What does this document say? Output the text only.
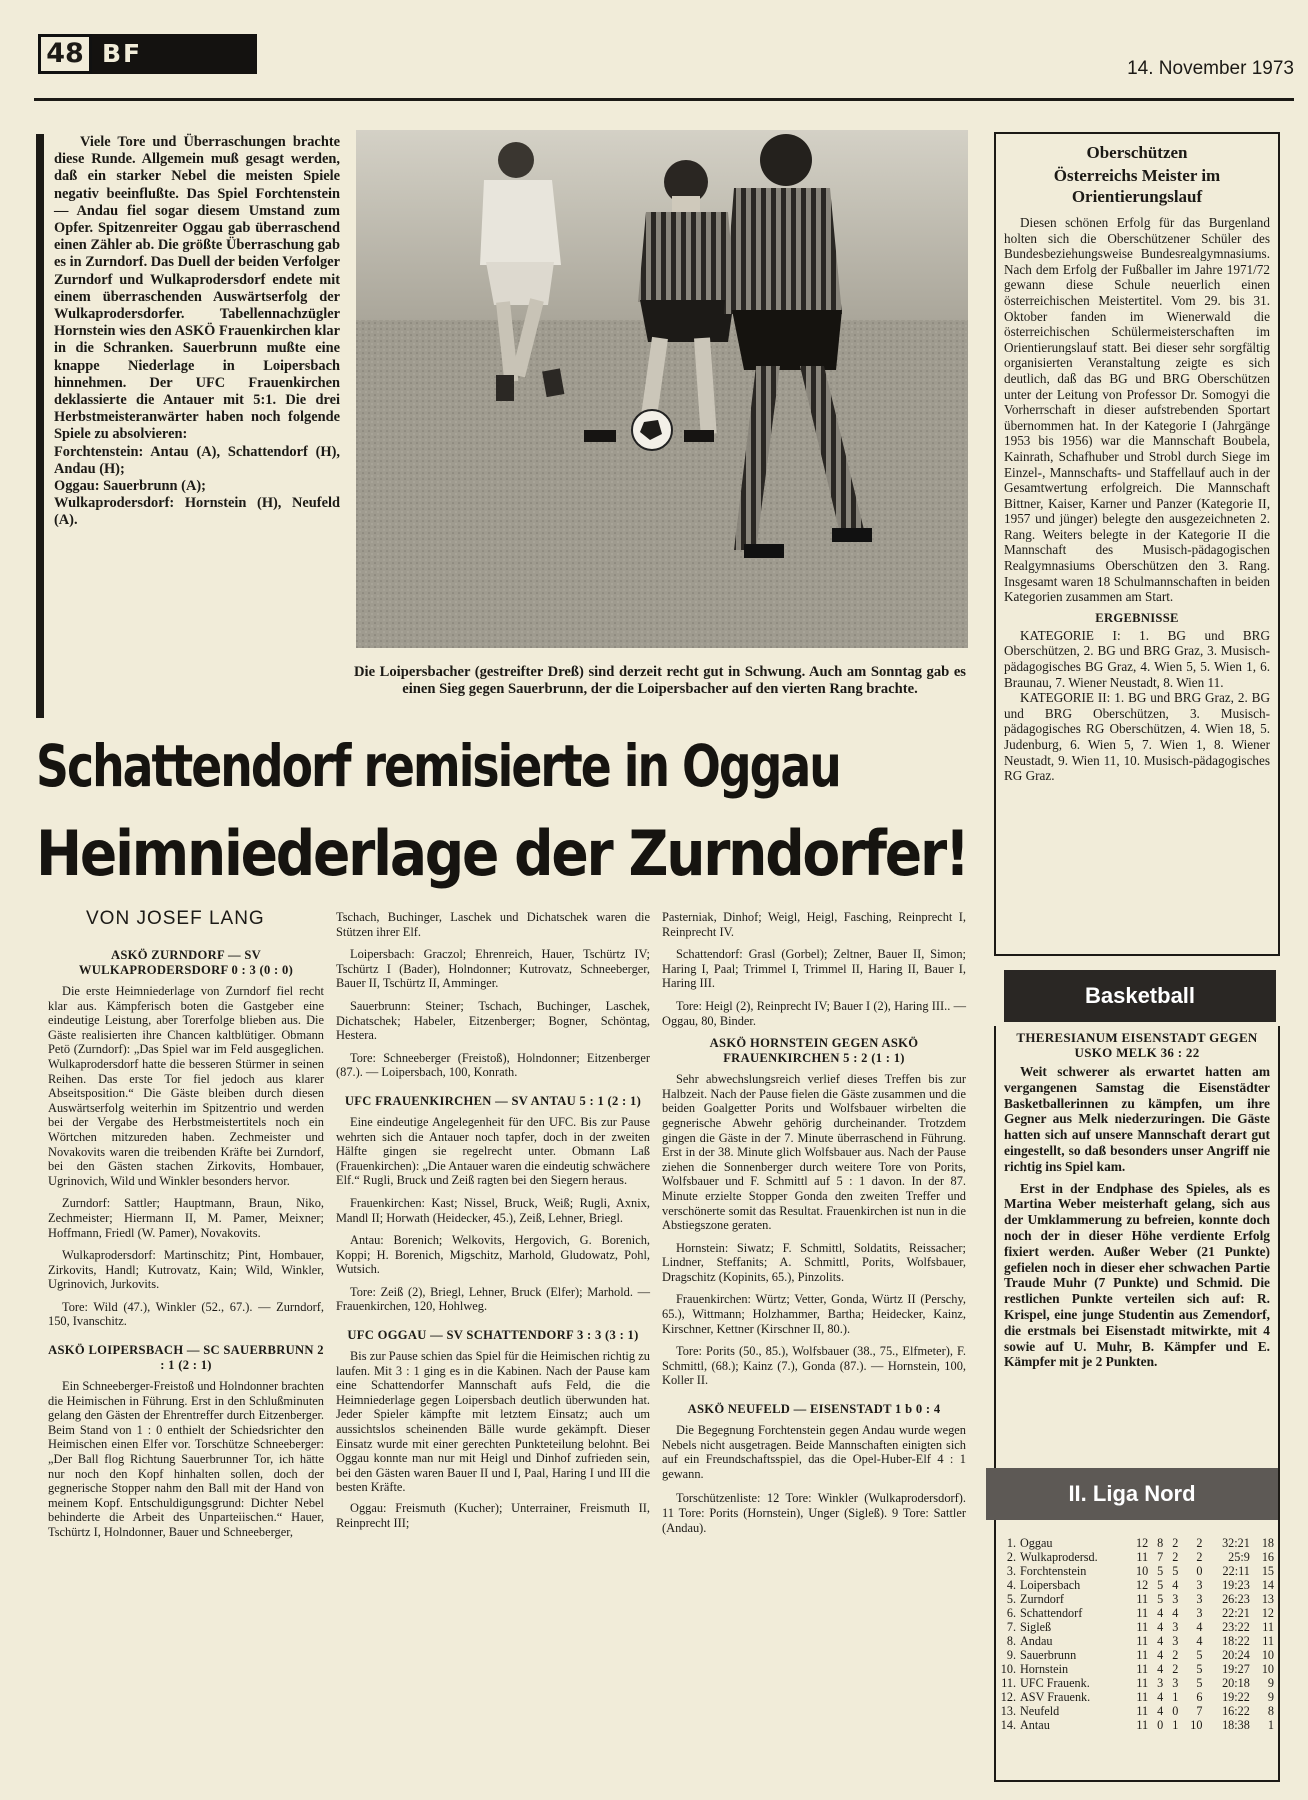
48 BF
14. November 1973

Viele Tore und Überraschungen brachte diese Runde. Allgemein muß gesagt werden, daß ein starker Nebel die meisten Spiele negativ beeinflußte. Das Spiel Forchtenstein — Andau fiel sogar diesem Umstand zum Opfer. Spitzenreiter Oggau gab überraschend einen Zähler ab. Die größte Überraschung gab es in Zurndorf. Das Duell der beiden Verfolger Zurndorf und Wulkaprodersdorf endete mit einem überraschenden Auswärtserfolg der Wulkaprodersdorfer. Tabellennachzügler Hornstein wies den ASKÖ Frauenkirchen klar in die Schranken. Sauerbrunn mußte eine knappe Niederlage in Loipersbach hinnehmen. Der UFC Frauenkirchen deklassierte die Antauer mit 5:1. Die drei Herbstmeisteranwärter haben noch folgende Spiele zu absolvieren:

Forchtenstein: Antau (A), Schattendorf (H), Andau (H);

Oggau: Sauerbrunn (A);

Wulkaprodersdorf: Hornstein (H), Neufeld (A).

Die Loipersbacher (gestreifter Dreß) sind derzeit recht gut in Schwung. Auch am Sonntag gab es einen Sieg gegen Sauerbrunn, der die Loipersbacher auf den vierten Rang brachte.

Schattendorf remisierte in Oggau
Heimniederlage der Zurndorfer!
VON JOSEF LANG
ASKÖ ZURNDORF — SV WULKAPRODERSDORF 0 : 3 (0 : 0)

Die erste Heimniederlage von Zurndorf fiel recht klar aus. Kämpferisch boten die Gastgeber eine eindeutige Leistung, aber Torerfolge blieben aus. Die Gäste realisierten ihre Chancen kaltblütiger. Obmann Petö (Zurndorf): „Das Spiel war im Feld ausgeglichen. Wulkaprodersdorf hatte die besseren Stürmer in seinen Reihen. Das erste Tor fiel jedoch aus klarer Abseitsposition.“ Die Gäste bleiben durch diesen Auswärtserfolg weiterhin im Spitzentrio und werden bei der Vergabe des Herbstmeistertitels noch ein Wörtchen mitzureden haben. Zechmeister und Novakovits waren die treibenden Kräfte bei Zurndorf, bei den Gästen stachen Zirkovits, Hombauer, Ugrinovich, Wild und Winkler besonders hervor.

Zurndorf: Sattler; Hauptmann, Braun, Niko, Zechmeister; Hiermann II, M. Pamer, Meixner; Hoffmann, Friedl (W. Pamer), Novakovits.

Wulkaprodersdorf: Martinschitz; Pint, Hombauer, Zirkovits, Handl; Kutrovatz, Kain; Wild, Winkler, Ugrinovich, Jurkovits.

Tore: Wild (47.), Winkler (52., 67.). — Zurndorf, 150, Ivanschitz.

ASKÖ LOIPERSBACH — SC SAUERBRUNN 2 : 1 (2 : 1)

Ein Schneeberger-Freistoß und Holndonner brachten die Heimischen in Führung. Erst in den Schlußminuten gelang den Gästen der Ehrentreffer durch Eitzenberger. Beim Stand von 1 : 0 enthielt der Schiedsrichter den Heimischen einen Elfer vor. Torschütze Schneeberger: „Der Ball flog Richtung Sauerbrunner Tor, ich hätte nur noch den Kopf hinhalten sollen, doch der gegnerische Stopper nahm den Ball mit der Hand von meinem Kopf. Entschuldigungsgrund: Dichter Nebel behinderte die Arbeit des Unparteiischen.“ Hauer, Tschürtz I, Holndonner, Bauer und Schneeberger,

Tschach, Buchinger, Laschek und Dichatschek waren die Stützen ihrer Elf.

Loipersbach: Graczol; Ehrenreich, Hauer, Tschürtz IV; Tschürtz I (Bader), Holndonner; Kutrovatz, Schneeberger, Bauer II, Tschürtz II, Amminger.

Sauerbrunn: Steiner; Tschach, Buchinger, Laschek, Dichatschek; Habeler, Eitzenberger; Bogner, Schöntag, Hestera.

Tore: Schneeberger (Freistoß), Holndonner; Eitzenberger (87.). — Loipersbach, 100, Konrath.

UFC FRAUENKIRCHEN — SV ANTAU 5 : 1 (2 : 1)

Eine eindeutige Angelegenheit für den UFC. Bis zur Pause wehrten sich die Antauer noch tapfer, doch in der zweiten Hälfte gingen sie regelrecht unter. Obmann Laß (Frauenkirchen): „Die Antauer waren die eindeutig schwächere Elf.“ Rugli, Bruck und Zeiß ragten bei den Siegern heraus.

Frauenkirchen: Kast; Nissel, Bruck, Weiß; Rugli, Axnix, Mandl II; Horwath (Heidecker, 45.), Zeiß, Lehner, Briegl.

Antau: Borenich; Welkovits, Hergovich, G. Borenich, Koppi; H. Borenich, Migschitz, Marhold, Gludowatz, Pohl, Wutsich.

Tore: Zeiß (2), Briegl, Lehner, Bruck (Elfer); Marhold. — Frauenkirchen, 120, Hohlweg.

UFC OGGAU — SV SCHATTENDORF 3 : 3 (3 : 1)

Bis zur Pause schien das Spiel für die Heimischen richtig zu laufen. Mit 3 : 1 ging es in die Kabinen. Nach der Pause kam eine Schattendorfer Mannschaft aufs Feld, die die Heimniederlage gegen Loipersbach deutlich überwunden hat. Jeder Spieler kämpfte mit letztem Einsatz; auch um aussichtslos scheinenden Bälle wurde gekämpft. Dieser Einsatz wurde mit einer gerechten Punkteteilung belohnt. Bei Oggau konnte man nur mit Heigl und Dinhof zufrieden sein, bei den Gästen waren Bauer II und I, Paal, Haring I und III die besten Kräfte.

Oggau: Freismuth (Kucher); Unterrainer, Freismuth II, Reinprecht III;

Pasterniak, Dinhof; Weigl, Heigl, Fasching, Reinprecht I, Reinprecht IV.

Schattendorf: Grasl (Gorbel); Zeltner, Bauer II, Simon; Haring I, Paal; Trimmel I, Trimmel II, Haring II, Bauer I, Haring III.

Tore: Heigl (2), Reinprecht IV; Bauer I (2), Haring III.. — Oggau, 80, Binder.

ASKÖ HORNSTEIN GEGEN ASKÖ FRAUENKIRCHEN 5 : 2 (1 : 1)

Sehr abwechslungsreich verlief dieses Treffen bis zur Halbzeit. Nach der Pause fielen die Gäste zusammen und die beiden Goalgetter Porits und Wolfsbauer wirbelten die gegnerische Abwehr gehörig durcheinander. Trotzdem gingen die Gäste in der 7. Minute überraschend in Führung. Erst in der 38. Minute glich Wolfsbauer aus. Nach der Pause ziehen die Sonnenberger durch weitere Tore von Porits, Wolfsbauer und F. Schmittl auf 5 : 1 davon. In der 87. Minute erzielte Stopper Gonda den zweiten Treffer und verschönerte somit das Resultat. Frauenkirchen ist nun in die Abstiegszone geraten.

Hornstein: Siwatz; F. Schmittl, Soldatits, Reissacher; Lindner, Steffanits; A. Schmittl, Porits, Wolfsbauer, Dragschitz (Kopinits, 65.), Pinzolits.

Frauenkirchen: Würtz; Vetter, Gonda, Würtz II (Perschy, 65.), Wittmann; Holzhammer, Bartha; Heidecker, Kainz, Kirschner, Kettner (Kirschner II, 80.).

Tore: Porits (50., 85.), Wolfsbauer (38., 75., Elfmeter), F. Schmittl, (68.); Kainz (7.), Gonda (87.). — Hornstein, 100, Koller II.

ASKÖ NEUFELD — EISENSTADT 1 b 0 : 4

Die Begegnung Forchtenstein gegen Andau wurde wegen Nebels nicht ausgetragen. Beide Mannschaften einigten sich auf ein Freundschaftsspiel, das die Opel-Huber-Elf 4 : 1 gewann.

Torschützenliste: 12 Tore: Winkler (Wulkaprodersdorf). 11 Tore: Porits (Hornstein), Unger (Sigleß). 9 Tore: Sattler (Andau).

Oberschützen
Österreichs Meister im Orientierungslauf

Diesen schönen Erfolg für das Burgenland holten sich die Oberschützener Schüler des Bundesbeziehungsweise Bundesrealgymnasiums. Nach dem Erfolg der Fußballer im Jahre 1971/72 gewann diese Schule neuerlich einen österreichischen Meistertitel. Vom 29. bis 31. Oktober fanden im Wienerwald die österreichischen Schülermeisterschaften im Orientierungslauf statt. Bei dieser sehr sorgfältig organisierten Veranstaltung zeigte es sich deutlich, daß das BG und BRG Oberschützen unter der Leitung von Professor Dr. Somogyi die Vorherrschaft in dieser aufstrebenden Sportart übernommen hat. In der Kategorie I (Jahrgänge 1953 bis 1956) war die Mannschaft Boubela, Kainrath, Schafhuber und Strobl durch Siege im Einzel-, Mannschafts- und Staffellauf auch in der Gesamtwertung erfolgreich. Die Mannschaft Bittner, Kaiser, Karner und Panzer (Kategorie II, 1957 und jünger) belegte den ausgezeichneten 2. Rang. Weiters belegte in der Kategorie II die Mannschaft des Musisch-pädagogischen Realgymnasiums Oberschützen den 3. Rang. Insgesamt waren 18 Schulmannschaften in beiden Kategorien zusammen am Start.

ERGEBNISSE

KATEGORIE I: 1. BG und BRG Oberschützen, 2. BG und BRG Graz, 3. Musisch-pädagogisches BG Graz, 4. Wien 5, 5. Wien 1, 6. Braunau, 7. Wiener Neustadt, 8. Wien 11.

KATEGORIE II: 1. BG und BRG Graz, 2. BG und BRG Oberschützen, 3. Musisch-pädagogisches RG Oberschützen, 4. Wien 18, 5. Judenburg, 6. Wien 5, 7. Wien 1, 8. Wiener Neustadt, 9. Wien 11, 10. Musisch-pädagogisches RG Graz.

Basketball
THERESIANUM EISENSTADT GEGEN USKO MELK 36 : 22

Weit schwerer als erwartet hatten am vergangenen Samstag die Eisenstädter Basketballerinnen zu kämpfen, um ihre Gegner aus Melk niederzuringen. Die Gäste hatten sich auf unsere Mannschaft derart gut eingestellt, so daß besonders unser Angriff nie richtig ins Spiel kam.

Erst in der Endphase des Spieles, als es Martina Weber meisterhaft gelang, sich aus der Umklammerung zu befreien, konnte doch noch der in dieser Höhe verdiente Erfolg fixiert werden. Außer Weber (21 Punkte) gefielen noch in dieser eher schwachen Partie Traude Muhr (7 Punkte) und Schmid. Die restlichen Punkte verteilen sich auf: R. Krispel, eine junge Studentin aus Zemendorf, die erstmals bei Eisenstadt mitwirkte, mit 4 sowie auf U. Muhr, B. Kämpfer und E. Kämpfer mit je 2 Punkten.

II. Liga Nord
1.	Oggau	12	8	2	2	32:21	18
2.	Wulkaprodersd.	11	7	2	2	25:9	16
3.	Forchtenstein	10	5	5	0	22:11	15
4.	Loipersbach	12	5	4	3	19:23	14
5.	Zurndorf	11	5	3	3	26:23	13
6.	Schattendorf	11	4	4	3	22:21	12
7.	Sigleß	11	4	3	4	23:22	11
8.	Andau	11	4	3	4	18:22	11
9.	Sauerbrunn	11	4	2	5	20:24	10
10.	Hornstein	11	4	2	5	19:27	10
11.	UFC Frauenk.	11	3	3	5	20:18	9
12.	ASV Frauenk.	11	4	1	6	19:22	9
13.	Neufeld	11	4	0	7	16:22	8
14.	Antau	11	0	1	10	18:38	1
